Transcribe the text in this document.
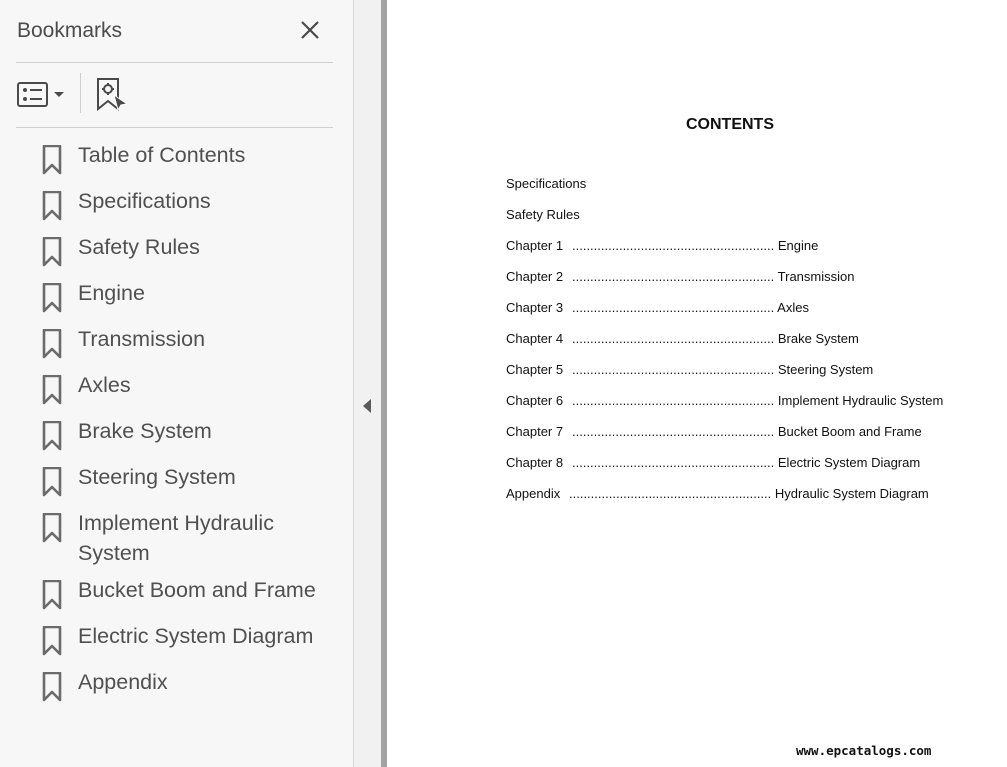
Bookmarks
Table of Contents
Specifications
Safety Rules
Engine
Transmission
Axles
Brake System
Steering System
Implement Hydraulic System
Bucket Boom and Frame
Electric System Diagram
Appendix
CONTENTS
Specifications
Safety Rules
Chapter 1 ........................................................ Engine
Chapter 2 ........................................................ Transmission
Chapter 3 ........................................................ Axles
Chapter 4 ........................................................ Brake System
Chapter 5 ........................................................ Steering System
Chapter 6 ........................................................ Implement Hydraulic System
Chapter 7 ........................................................ Bucket Boom and Frame
Chapter 8 ........................................................ Electric System Diagram
Appendix ........................................................ Hydraulic System Diagram
www.epcatalogs.com
